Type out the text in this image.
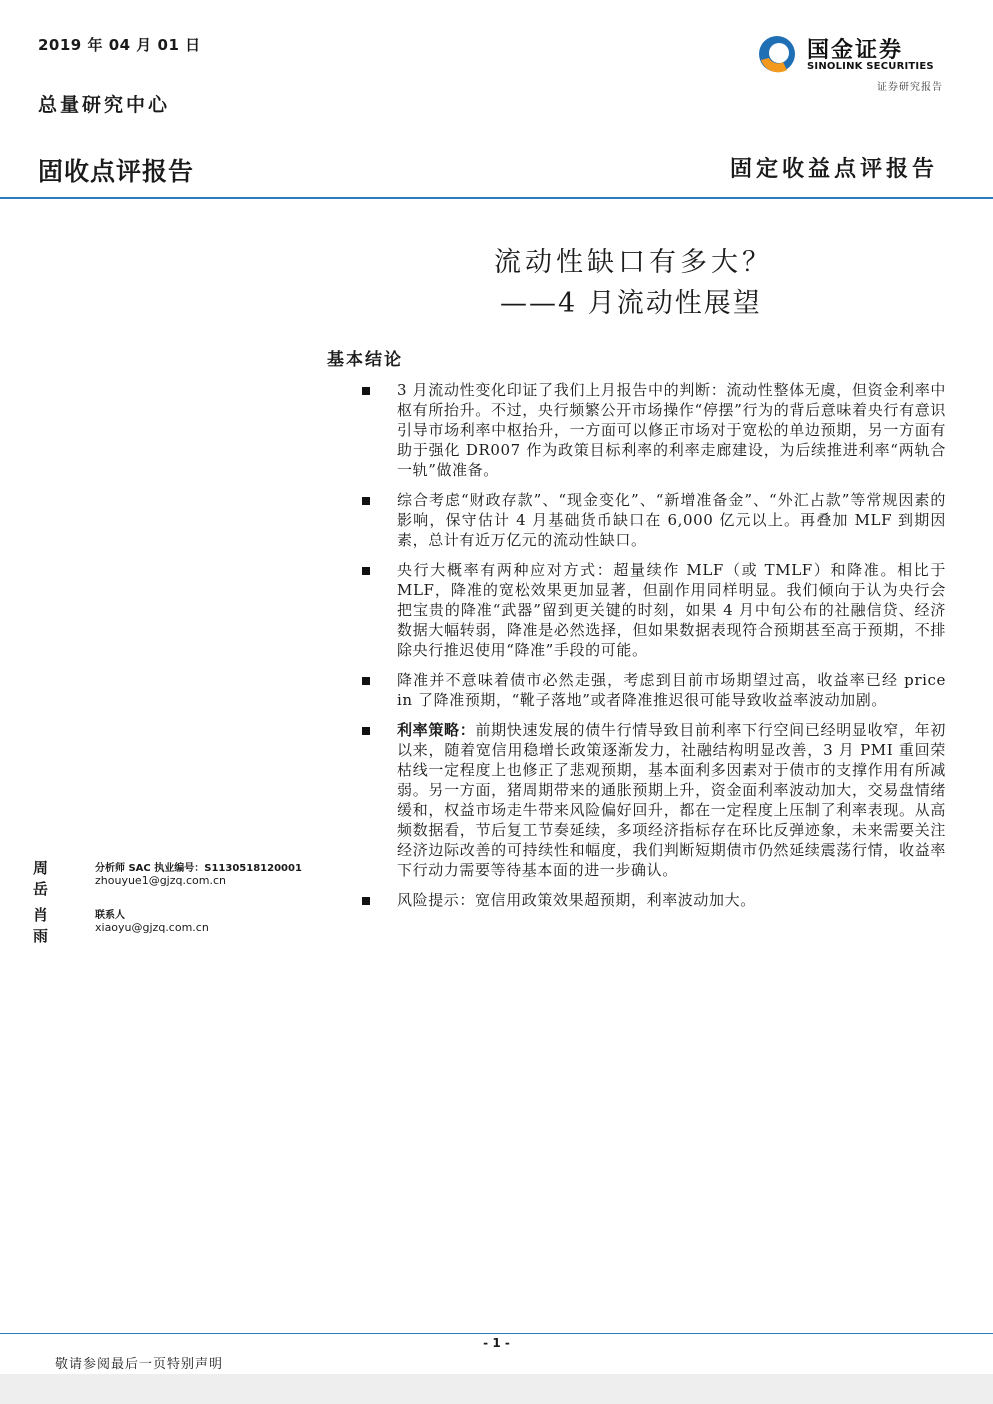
2019 年 04 月 01 日
总量研究中心
国金证券
SINOLINK SECURITIES
证券研究报告
固收点评报告	固定收益点评报告
流动性缺口有多大？
——4 月流动性展望
基本结论
3 月流动性变化印证了我们上月报告中的判断：流动性整体无虞，但资金利率中枢有所抬升。不过，央行频繁公开市场操作“停摆”行为的背后意味着央行有意识引导市场利率中枢抬升，一方面可以修正市场对于宽松的单边预期，另一方面有助于强化 DR007 作为政策目标利率的利率走廊建设，为后续推进利率“两轨合一轨”做准备。
综合考虑“财政存款”、“现金变化”、“新增准备金”、“外汇占款”等常规因素的影响，保守估计 4 月基础货币缺口在 6,000 亿元以上。再叠加 MLF 到期因素，总计有近万亿元的流动性缺口。
央行大概率有两种应对方式：超量续作 MLF（或 TMLF）和降准。相比于 MLF，降准的宽松效果更加显著，但副作用同样明显。我们倾向于认为央行会把宝贵的降准“武器”留到更关键的时刻，如果 4 月中旬公布的社融信贷、经济数据大幅转弱，降准是必然选择，但如果数据表现符合预期甚至高于预期，不排除央行推迟使用“降准”手段的可能。
降准并不意味着债市必然走强，考虑到目前市场期望过高，收益率已经 price in 了降准预期，“靴子落地”或者降准推迟很可能导致收益率波动加剧。
利率策略：前期快速发展的债牛行情导致目前利率下行空间已经明显收窄，年初以来，随着宽信用稳增长政策逐渐发力，社融结构明显改善，3 月 PMI 重回荣枯线一定程度上也修正了悲观预期，基本面利多因素对于债市的支撑作用有所减弱。另一方面，猪周期带来的通胀预期上升，资金面利率波动加大，交易盘情绪缓和，权益市场走牛带来风险偏好回升，都在一定程度上压制了利率表现。从高频数据看，节后复工节奏延续，多项经济指标存在环比反弹迹象，未来需要关注经济边际改善的可持续性和幅度，我们判断短期债市仍然延续震荡行情，收益率下行动力需要等待基本面的进一步确认。
风险提示：宽信用政策效果超预期，利率波动加大。
周岳
分析师 SAC 执业编号：S1130518120001
zhouyue1@gjzq.com.cn
肖雨
联系人
xiaoyu@gjzq.com.cn
- 1 -
敬请参阅最后一页特别声明
